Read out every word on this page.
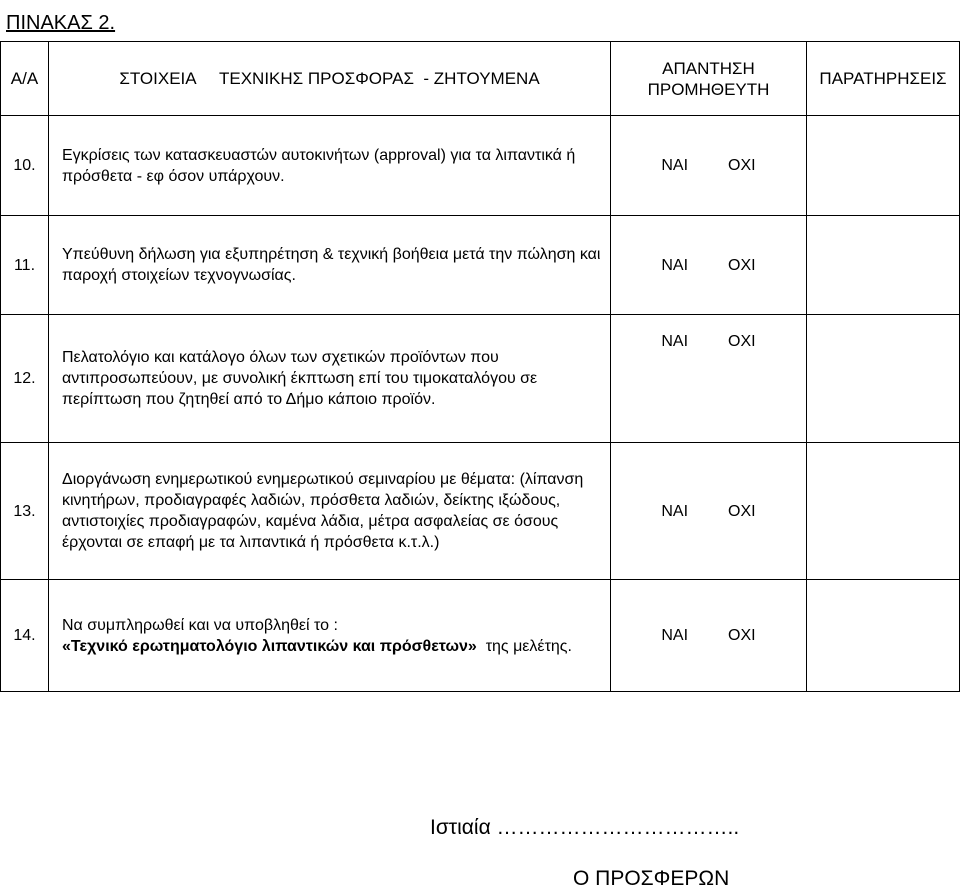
ΠΙΝΑΚΑΣ 2.
Α/Α	ΣΤΟΙΧΕΙΑ     ΤΕΧΝΙΚΗΣ ΠΡΟΣΦΟΡΑΣ  - ΖΗΤΟΥΜΕΝΑ	ΑΠΑΝΤΗΣΗ
ΠΡΟΜΗΘΕΥΤΗ	ΠΑΡΑΤΗΡΗΣΕΙΣ
10.	Εγκρίσεις των κατασκευαστών αυτοκινήτων (approval) για τα λιπαντικά ή πρόσθετα - εφ όσον υπάρχουν.	ΝΑΙ ΟΧΙ	
11.	Υπεύθυνη δήλωση για εξυπηρέτηση & τεχνική βοήθεια μετά την πώληση και παροχή στοιχείων τεχνογνωσίας.	ΝΑΙ ΟΧΙ	
12.	Πελατολόγιο και κατάλογο όλων των σχετικών προϊόντων που αντιπροσωπεύουν, με συνολική έκπτωση επί του τιμοκαταλόγου σε περίπτωση που ζητηθεί από το Δήμο κάποιο προϊόν.	ΝΑΙ ΟΧΙ	
13.	Διοργάνωση ενημερωτικού ενημερωτικού σεμιναρίου με θέματα: (λίπανση κινητήρων, προδιαγραφές λαδιών, πρόσθετα λαδιών, δείκτης ιξώδους, αντιστοιχίες προδιαγραφών, καμένα λάδια, μέτρα ασφαλείας σε όσους έρχονται σε επαφή με τα λιπαντικά ή πρόσθετα κ.τ.λ.)	ΝΑΙ ΟΧΙ	
14.	Να συμπληρωθεί και να υποβληθεί το :
«Τεχνικό ερωτηματολόγιο λιπαντικών και πρόσθετων»  της μελέτης.	ΝΑΙ ΟΧΙ	
Ιστιαία ……………………………..
Ο ΠΡΟΣΦΕΡΩΝ
